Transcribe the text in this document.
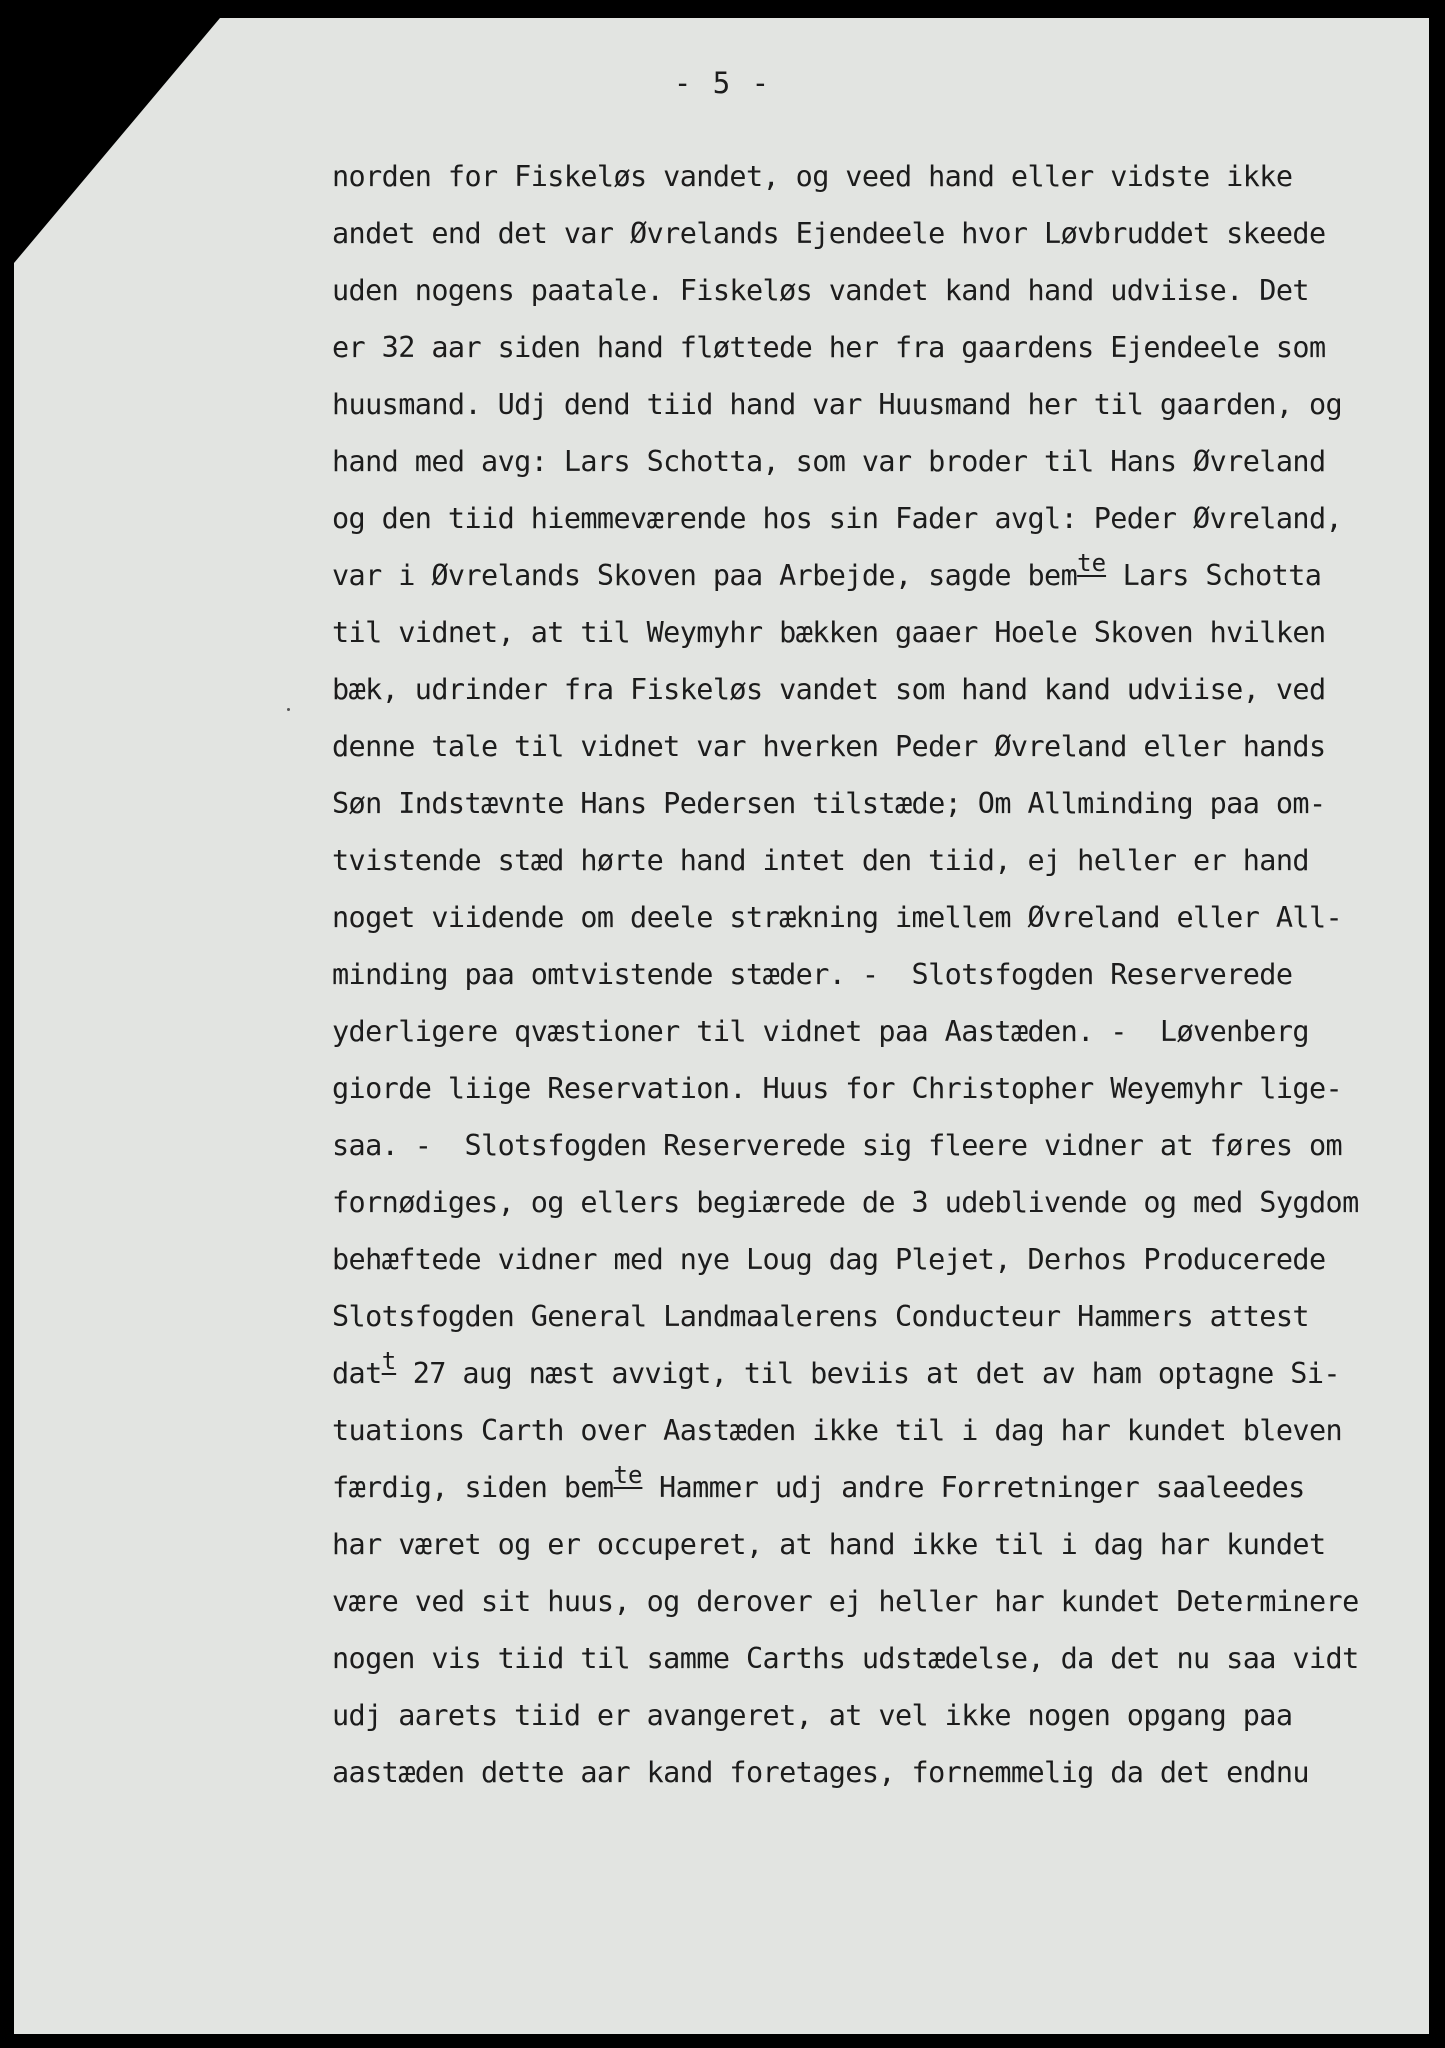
- 5 -
norden for Fiskeløs vandet, og veed hand eller vidste ikke
andet end det var Øvrelands Ejendeele hvor Løvbruddet skeede
uden nogens paatale. Fiskeløs vandet kand hand udviise. Det
er 32 aar siden hand fløttede her fra gaardens Ejendeele som
huusmand. Udj dend tiid hand var Huusmand her til gaarden, og
hand med avg: Lars Schotta, som var broder til Hans Øvreland
og den tiid hiemmeværende hos sin Fader avgl: Peder Øvreland,
var i Øvrelands Skoven paa Arbejde, sagde bem$^{te}$ Lars Schotta
til vidnet, at til Weymyhr bækken gaaer Hoele Skoven hvilken
bæk, udrinder fra Fiskeløs vandet som hand kand udviise, ved
denne tale til vidnet var hverken Peder Øvreland eller hands
Søn Indstævnte Hans Pedersen tilstæde; Om Allminding paa om-
tvistende stæd hørte hand intet den tiid, ej heller er hand
noget viidende om deele strækning imellem Øvreland eller All-
minding paa omtvistende stæder. -  Slotsfogden Reserverede
yderligere qvæstioner til vidnet paa Aastæden. -  Løvenberg
giorde liige Reservation. Huus for Christopher Weyemyhr lige-
saa. -  Slotsfogden Reserverede sig fleere vidner at føres om
fornødiges, og ellers begiærede de 3 udeblivende og med Sygdom
behæftede vidner med nye Loug dag Plejet, Derhos Producerede
Slotsfogden General Landmaalerens Conducteur Hammers attest
dat$^t$ 27 aug næst avvigt, til beviis at det av ham optagne Si-
tuations Carth over Aastæden ikke til i dag har kundet bleven
færdig, siden bem$^{te}$ Hammer udj andre Forretninger saaleedes
har været og er occuperet, at hand ikke til i dag har kundet
være ved sit huus, og derover ej heller har kundet Determinere
nogen vis tiid til samme Carths udstædelse, da det nu saa vidt
udj aarets tiid er avangeret, at vel ikke nogen opgang paa
aastæden dette aar kand foretages, fornemmelig da det endnu
